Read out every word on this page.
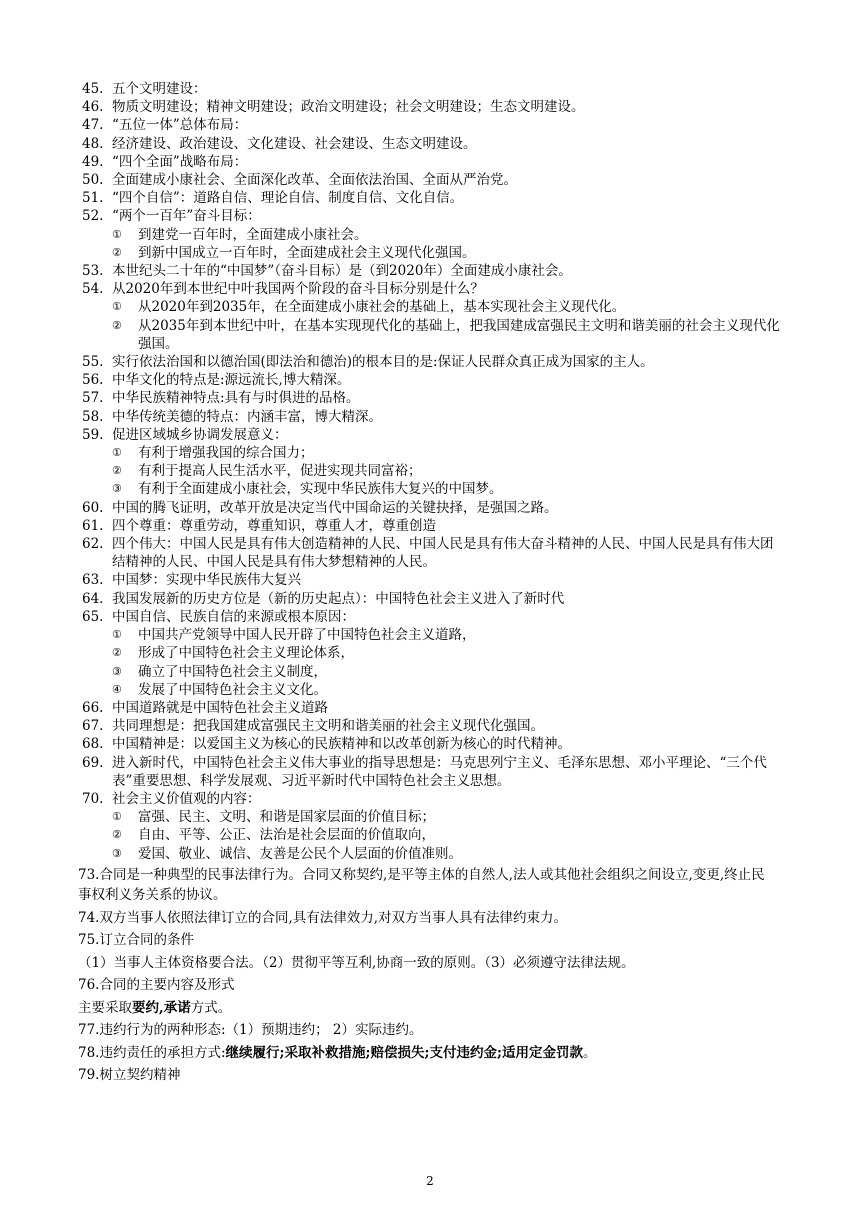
45. 五个文明建设：
46. 物质文明建设；精神文明建设；政治文明建设；社会文明建设；生态文明建设。
47. “五位一体”总体布局：
48. 经济建设、政治建设、文化建设、社会建设、生态文明建设。
49. “四个全面”战略布局：
50. 全面建成小康社会、全面深化改革、全面依法治国、全面从严治党。
51. “四个自信”：道路自信、理论自信、制度自信、文化自信。
52. “两个一百年”奋斗目标：
①	到建党一百年时，全面建成小康社会。
②	到新中国成立一百年时，全面建成社会主义现代化强国。
53. 本世纪头二十年的“中国梦”（奋斗目标）是（到2020年）全面建成小康社会。
54. 从2020年到本世纪中叶我国两个阶段的奋斗目标分别是什么？
①	从2020年到2035年，在全面建成小康社会的基础上，基本实现社会主义现代化。
②	从2035年到本世纪中叶，在基本实现现代化的基础上，把我国建成富强民主文明和谐美丽的社会主义现代化强国。
55. 实行依法治国和以德治国(即法治和德治)的根本目的是:保证人民群众真正成为国家的主人。
56. 中华文化的特点是:源远流长,博大精深。
57. 中华民族精神特点:具有与时俱进的品格。
58. 中华传统美德的特点：内涵丰富，博大精深。
59. 促进区域城乡协调发展意义：
①	有利于增强我国的综合国力；
②	有利于提高人民生活水平，促进实现共同富裕；
③	有利于全面建成小康社会，实现中华民族伟大复兴的中国梦。
60. 中国的腾飞证明，改革开放是决定当代中国命运的关键抉择，是强国之路。
61. 四个尊重：尊重劳动，尊重知识，尊重人才，尊重创造
62. 四个伟大：中国人民是具有伟大创造精神的人民、中国人民是具有伟大奋斗精神的人民、中国人民是具有伟大团结精神的人民、中国人民是具有伟大梦想精神的人民。
63. 中国梦：实现中华民族伟大复兴
64. 我国发展新的历史方位是（新的历史起点）：中国特色社会主义进入了新时代
65. 中国自信、民族自信的来源或根本原因：
①	中国共产党领导中国人民开辟了中国特色社会主义道路，
②	形成了中国特色社会主义理论体系，
③	确立了中国特色社会主义制度，
④	发展了中国特色社会主义文化。
66. 中国道路就是中国特色社会主义道路
67. 共同理想是：把我国建成富强民主文明和谐美丽的社会主义现代化强国。
68. 中国精神是：以爱国主义为核心的民族精神和以改革创新为核心的时代精神。
69. 进入新时代，中国特色社会主义伟大事业的指导思想是：马克思列宁主义、毛泽东思想、邓小平理论、“三个代表”重要思想、科学发展观、习近平新时代中国特色社会主义思想。
70. 社会主义价值观的内容：
①	富强、民主、文明、和谐是国家层面的价值目标；
②	自由、平等、公正、法治是社会层面的价值取向，
③	爱国、敬业、诚信、友善是公民个人层面的价值准则。
73.合同是一种典型的民事法律行为。合同又称契约,是平等主体的自然人,法人或其他社会组织之间设立,变更,终止民事权利义务关系的协议。
74.双方当事人依照法律订立的合同,具有法律效力,对双方当事人具有法律约束力。
75.订立合同的条件
（1）当事人主体资格要合法。（2）贯彻平等互利,协商一致的原则。（3）必须遵守法律法规。
76.合同的主要内容及形式
主要采取要约,承诺方式。
77.违约行为的两种形态:（1）预期违约； 2）实际违约。
78.违约责任的承担方式:继续履行;采取补救措施;赔偿损失;支付违约金;适用定金罚款。
79.树立契约精神
2
